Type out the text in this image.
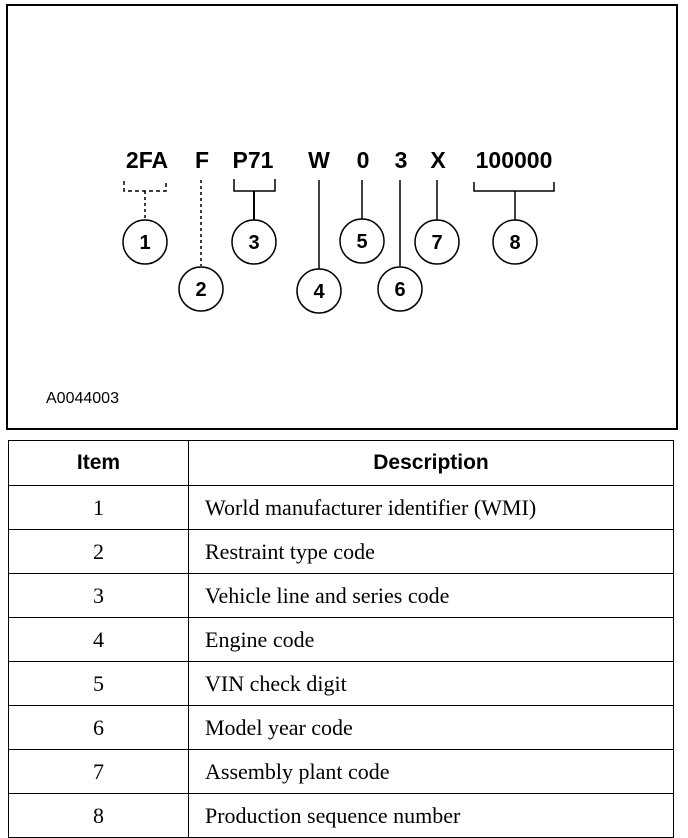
2FA F P71 W 0 3 X 100000
1
2
3
4
5
6
7	8
A0044003
Item	Description
1	World manufacturer identifier (WMI)
2	Restraint type code
3	Vehicle line and series code
4	Engine code
5	VIN check digit
6	Model year code
7	Assembly plant code
8	Production sequence number
